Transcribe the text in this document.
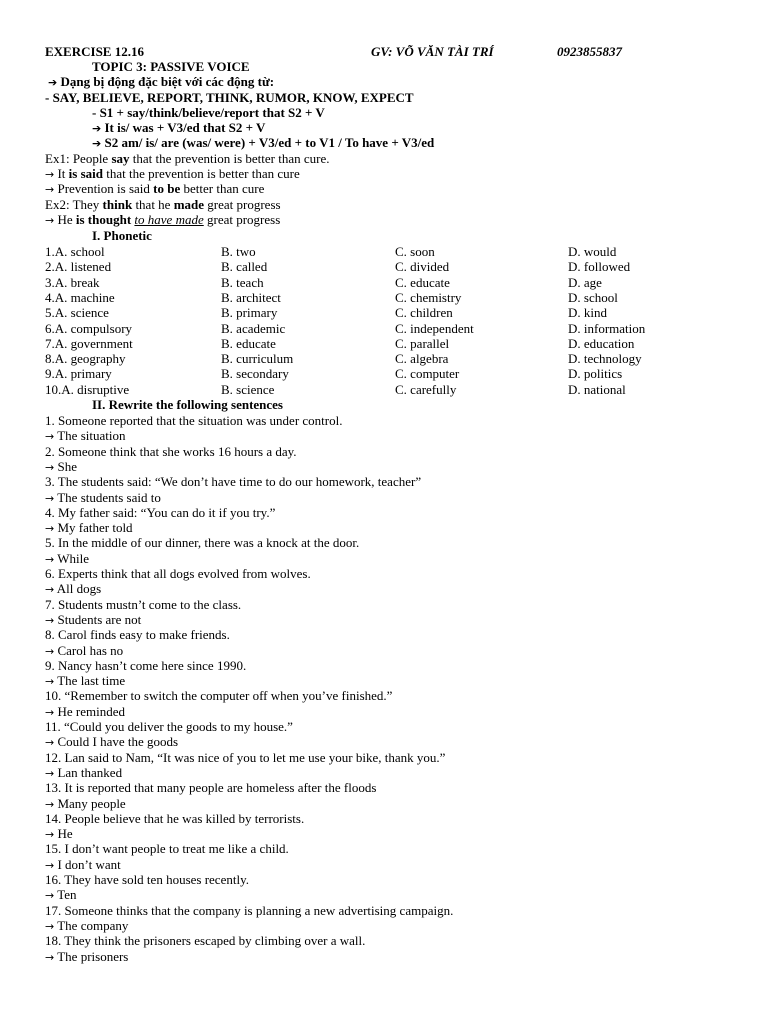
EXERCISE 12.16	GV: VÕ VĂN TÀI TRÍ	0923855837
TOPIC 3: PASSIVE VOICE
➔ Dạng bị động đặc biệt với các động từ:
- SAY, BELIEVE, REPORT, THINK, RUMOR, KNOW, EXPECT
- S1 + say/think/believe/report that S2 + V
➔ It is/ was + V3/ed that S2 + V
➔ S2 am/ is/ are (was/ were) + V3/ed + to V1 / To have + V3/ed
Ex1: People say that the prevention is better than cure.
→ It is said that the prevention is better than cure
→ Prevention is said to be better than cure
Ex2: They think that he made great progress
→ He is thought to have made great progress
I. Phonetic
1.A. school	B. two	C. soon	D. would
2.A. listened	B. called	C. divided	D. followed
3.A. break	B. teach	C. educate	D. age
4.A. machine	B. architect	C. chemistry	D. school
5.A. science	B. primary	C. children	D. kind
6.A. compulsory	B. academic	C. independent	D. information
7.A. government	B. educate	C. parallel	D. education
8.A. geography	B. curriculum	C. algebra	D. technology
9.A. primary	B. secondary	C. computer	D. politics
10.A. disruptive	B. science	C. carefully	D. national
II. Rewrite the following sentences
1. Someone reported that the situation was under control.
→ The situation
2. Someone think that she works 16 hours a day.
→ She
3. The students said: “We don’t have time to do our homework, teacher”
→ The students said to
4. My father said: “You can do it if you try.”
→ My father told
5. In the middle of our dinner, there was a knock at the door.
→ While
6. Experts think that all dogs evolved from wolves.
→ All dogs
7. Students mustn’t come to the class.
→ Students are not
8. Carol finds easy to make friends.
→ Carol has no
9. Nancy hasn’t come here since 1990.
→ The last time
10. “Remember to switch the computer off when you’ve finished.”
→ He reminded
11. “Could you deliver the goods to my house.”
→ Could I have the goods
12. Lan said to Nam, “It was nice of you to let me use your bike, thank you.”
→ Lan thanked
13. It is reported that many people are homeless after the floods
→ Many people
14. People believe that he was killed by terrorists.
→ He
15. I don’t want people to treat me like a child.
→ I don’t want
16. They have sold ten houses recently.
→ Ten
17. Someone thinks that the company is planning a new advertising campaign.
→ The company
18. They think the prisoners escaped by climbing over a wall.
→ The prisoners
